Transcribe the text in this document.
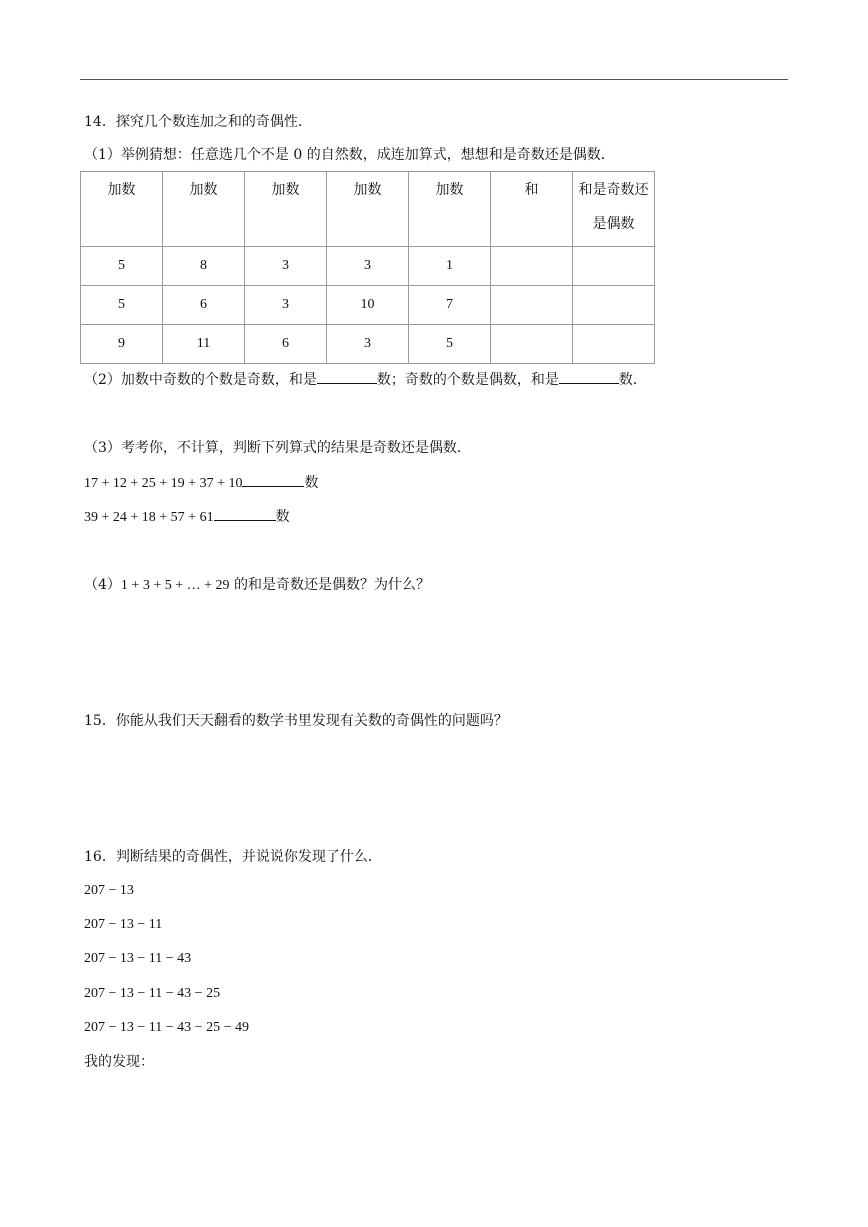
14．探究几个数连加之和的奇偶性．
（1）举例猜想：任意选几个不是 0 的自然数，成连加算式，想想和是奇数还是偶数．
加数	加数	加数	加数	加数	和	和是奇数还
是偶数

5	8	3	3	1		
5	6	3	10	7		
9	11	6	3	5		
（2）加数中奇数的个数是奇数，和是	数；奇数的个数是偶数，和是	数．
（3）考考你，不计算，判断下列算式的结果是奇数还是偶数．
17 + 12 + 25 + 19 + 37 + 10	数
39 + 24 + 18 + 57 + 61	数
（4）1 + 3 + 5 + … + 29 的和是奇数还是偶数？为什么？
15．你能从我们天天翻看的数学书里发现有关数的奇偶性的问题吗？
16．判断结果的奇偶性，并说说你发现了什么．
207 − 13
207 − 13 − 11
207 − 13 − 11 − 43
207 − 13 − 11 − 43 − 25
207 − 13 − 11 − 43 − 25 − 49
我的发现：
